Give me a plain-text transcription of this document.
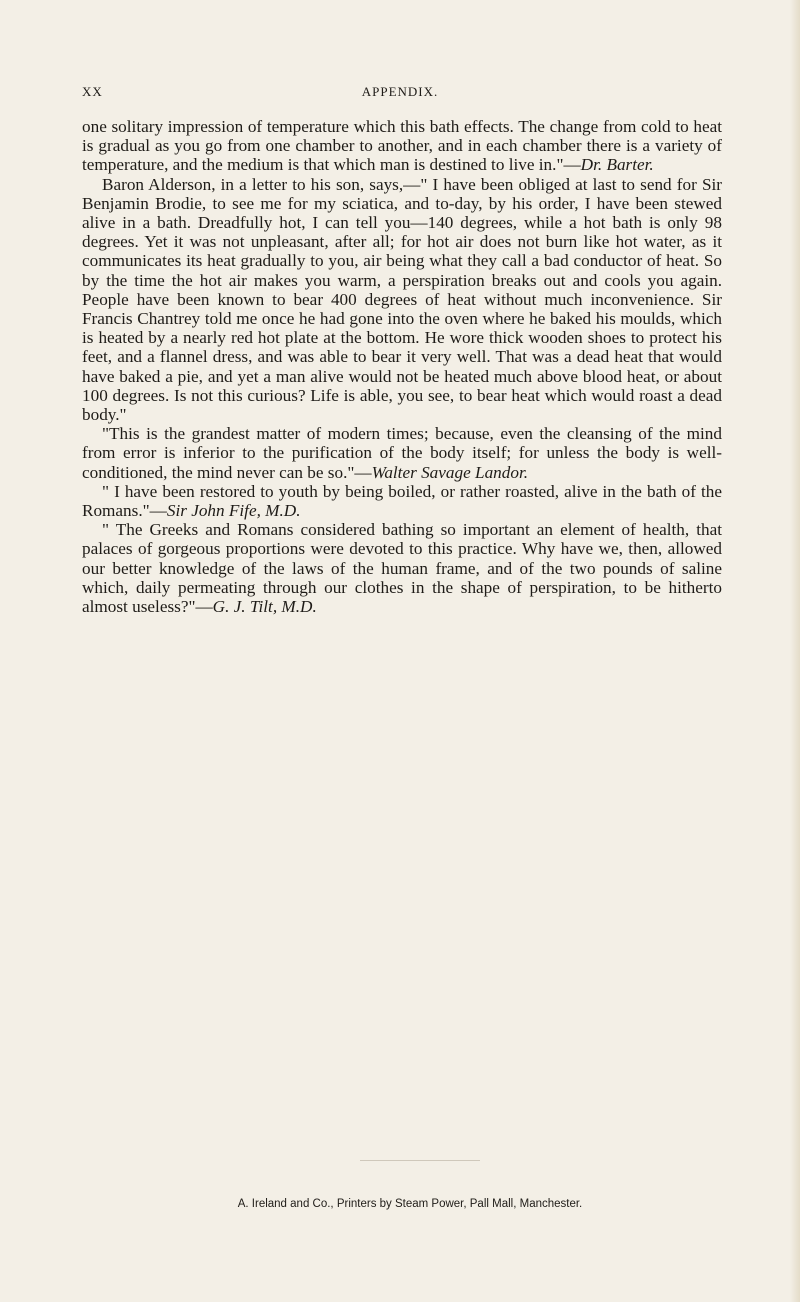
XX	APPENDIX.

one solitary impression of temperature which this bath effects. The change from cold to heat is gradual as you go from one chamber to another, and in each chamber there is a variety of temperature, and the medium is that which man is destined to live in."—Dr. Barter.

Baron Alderson, in a letter to his son, says,—" I have been obliged at last to send for Sir Benjamin Brodie, to see me for my sciatica, and to-day, by his order, I have been stewed alive in a bath. Dreadfully hot, I can tell you—140 degrees, while a hot bath is only 98 degrees. Yet it was not unpleasant, after all; for hot air does not burn like hot water, as it communicates its heat gradually to you, air being what they call a bad conductor of heat. So by the time the hot air makes you warm, a perspiration breaks out and cools you again. People have been known to bear 400 degrees of heat without much inconvenience. Sir Francis Chantrey told me once he had gone into the oven where he baked his moulds, which is heated by a nearly red hot plate at the bottom. He wore thick wooden shoes to protect his feet, and a flannel dress, and was able to bear it very well. That was a dead heat that would have baked a pie, and yet a man alive would not be heated much above blood heat, or about 100 degrees. Is not this curious? Life is able, you see, to bear heat which would roast a dead body."

"This is the grandest matter of modern times; because, even the cleansing of the mind from error is inferior to the purification of the body itself; for unless the body is well-conditioned, the mind never can be so."—Walter Savage Landor.

" I have been restored to youth by being boiled, or rather roasted, alive in the bath of the Romans."—Sir John Fife, M.D.

" The Greeks and Romans considered bathing so important an element of health, that palaces of gorgeous proportions were devoted to this practice. Why have we, then, allowed our better knowledge of the laws of the human frame, and of the two pounds of saline which, daily permeating through our clothes in the shape of perspiration, to be hitherto almost useless?"—G. J. Tilt, M.D.

A. Ireland and Co., Printers by Steam Power, Pall Mall, Manchester.
